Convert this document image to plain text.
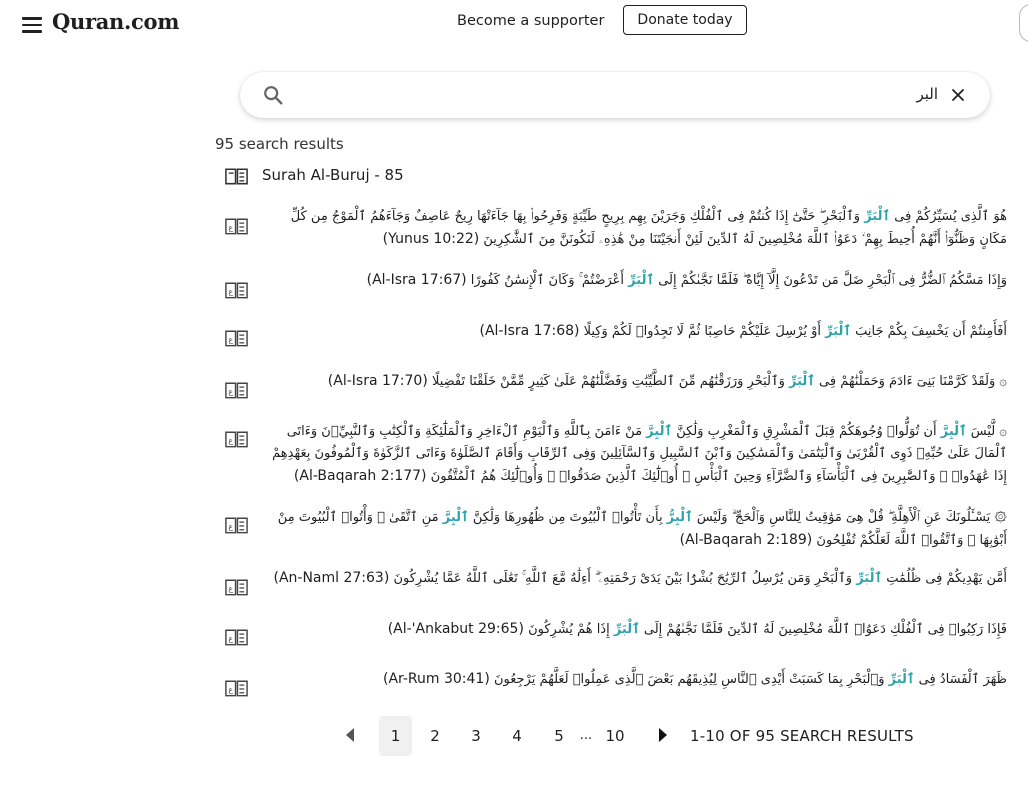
Quran.com	Become a supporter	Donate today
البر
95 search results
Surah Al-Buruj - 85
ع
هُوَ ٱلَّذِى يُسَيِّرُكُمْ فِى ٱلْبَرِّ وَٱلْبَحْرِ ۖ حَتَّىٰٓ إِذَا كُنتُمْ فِى ٱلْفُلْكِ وَجَرَيْنَ بِهِم بِرِيحٍ طَيِّبَةٍ وَفَرِحُوا۟ بِهَا جَآءَتْهَا رِيحٌ عَاصِفٌ وَجَآءَهُمُ ٱلْمَوْجُ مِن كُلِّ مَكَانٍ وَظَنُّوٓا۟ أَنَّهُمْ أُحِيطَ بِهِمْ ۙ دَعَوُا۟ ٱللَّهَ مُخْلِصِينَ لَهُ ٱلدِّينَ لَئِنْ أَنجَيْتَنَا مِنْ هَٰذِهِۦ لَنَكُونَنَّ مِنَ ٱلشَّٰكِرِينَ (Yunus 10:22)
ع
وَإِذَا مَسَّكُمُ ٱلضُّرُّ فِى ٱلْبَحْرِ ضَلَّ مَن تَدْعُونَ إِلَّآ إِيَّاهُ ۖ فَلَمَّا نَجَّىٰكُمْ إِلَى ٱلْبَرِّ أَعْرَضْتُمْ ۚ وَكَانَ ٱلْإِنسَٰنُ كَفُورًا (Al-Isra 17:67)
ع
أَفَأَمِنتُمْ أَن يَخْسِفَ بِكُمْ جَانِبَ ٱلْبَرِّ أَوْ يُرْسِلَ عَلَيْكُمْ حَاصِبًا ثُمَّ لَا تَجِدُوا۟ لَكُمْ وَكِيلًا (Al-Isra 17:68)
ع
۞ وَلَقَدْ كَرَّمْنَا بَنِىٓ ءَادَمَ وَحَمَلْنَٰهُمْ فِى ٱلْبَرِّ وَٱلْبَحْرِ وَرَزَقْنَٰهُم مِّنَ ٱلطَّيِّبَٰتِ وَفَضَّلْنَٰهُمْ عَلَىٰ كَثِيرٍ مِّمَّنْ خَلَقْنَا تَفْضِيلًا (Al-Isra 17:70)
ع
۞ لَّيْسَ ٱلْبِرَّ أَن تُوَلُّوا۟ وُجُوهَكُمْ قِبَلَ ٱلْمَشْرِقِ وَٱلْمَغْرِبِ وَلَٰكِنَّ ٱلْبِرَّ مَنْ ءَامَنَ بِٱللَّهِ وَٱلْيَوْمِ ٱلْءَاخِرِ وَٱلْمَلَٰٓئِكَةِ وَٱلْكِتَٰبِ وَٱلنَّبِيِّۦنَ وَءَاتَى ٱلْمَالَ عَلَىٰ حُبِّهِۦ ذَوِى ٱلْقُرْبَىٰ وَٱلْيَتَٰمَىٰ وَٱلْمَسَٰكِينَ وَٱبْنَ ٱلسَّبِيلِ وَٱلسَّآئِلِينَ وَفِى ٱلرِّقَابِ وَأَقَامَ ٱلصَّلَوٰةَ وَءَاتَى ٱلزَّكَوٰةَ وَٱلْمُوفُونَ بِعَهْدِهِمْ إِذَا عَٰهَدُوا۟ ۖ وَٱلصَّٰبِرِينَ فِى ٱلْبَأْسَآءِ وَٱلضَّرَّآءِ وَحِينَ ٱلْبَأْسِ ۗ أُو۟لَٰٓئِكَ ٱلَّذِينَ صَدَقُوا۟ ۖ وَأُو۟لَٰٓئِكَ هُمُ ٱلْمُتَّقُونَ (Al-Baqarah 2:177)
ع
۞ يَسْـَٔلُونَكَ عَنِ ٱلْأَهِلَّةِ ۖ قُلْ هِىَ مَوَٰقِيتُ لِلنَّاسِ وَٱلْحَجِّ ۗ وَلَيْسَ ٱلْبِرُّ بِأَن تَأْتُوا۟ ٱلْبُيُوتَ مِن ظُهُورِهَا وَلَٰكِنَّ ٱلْبِرَّ مَنِ ٱتَّقَىٰ ۗ وَأْتُوا۟ ٱلْبُيُوتَ مِنْ أَبْوَٰبِهَا ۚ وَٱتَّقُوا۟ ٱللَّهَ لَعَلَّكُمْ تُفْلِحُونَ (Al-Baqarah 2:189)
ع
أَمَّن يَهْدِيكُمْ فِى ظُلُمَٰتِ ٱلْبَرِّ وَٱلْبَحْرِ وَمَن يُرْسِلُ ٱلرِّيَٰحَ بُشْرًۢا بَيْنَ يَدَىْ رَحْمَتِهِۦٓ ۗ أَءِلَٰهٌ مَّعَ ٱللَّهِ ۚ تَعَٰلَى ٱللَّهُ عَمَّا يُشْرِكُونَ (An-Naml 27:63)
ع
فَإِذَا رَكِبُوا۟ فِى ٱلْفُلْكِ دَعَوُا۟ ٱللَّهَ مُخْلِصِينَ لَهُ ٱلدِّينَ فَلَمَّا نَجَّىٰهُمْ إِلَى ٱلْبَرِّ إِذَا هُمْ يُشْرِكُونَ (Al-'Ankabut 29:65)
ع
ظَهَرَ ٱلْفَسَادُ فِى ٱلْبَرِّ وَٱلْبَحْرِ بِمَا كَسَبَتْ أَيْدِى ٱلنَّاسِ لِيُذِيقَهُم بَعْضَ ٱلَّذِى عَمِلُوا۟ لَعَلَّهُمْ يَرْجِعُونَ (Ar-Rum 30:41)
1	2	3	4	5	... 10	1-10 OF 95 SEARCH RESULTS
